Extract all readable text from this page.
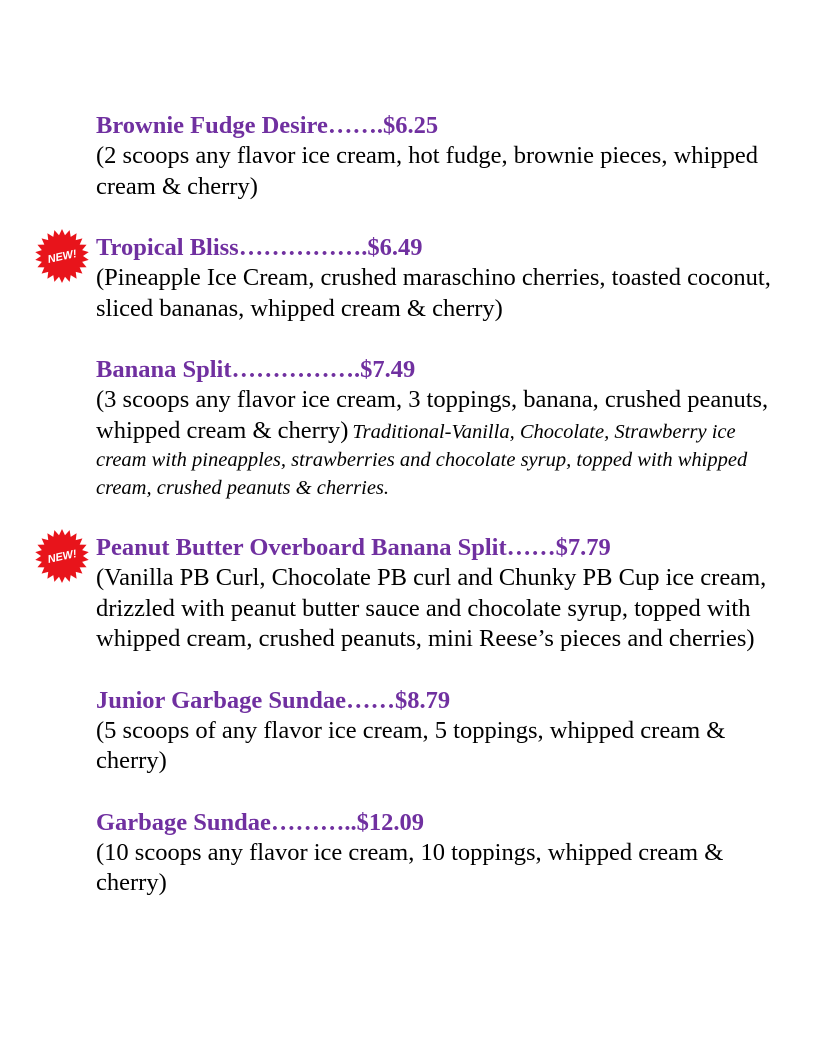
Brownie Fudge Desire…….$6.25
(2 scoops any flavor ice cream, hot fudge, brownie pieces, whipped cream & cherry)
NEW! Tropical Bliss…………….$6.49
(Pineapple Ice Cream, crushed maraschino cherries, toasted coconut, sliced bananas, whipped cream & cherry)
Banana Split…………….$7.49
(3 scoops any flavor ice cream, 3 toppings, banana, crushed peanuts, whipped cream & cherry) Traditional-Vanilla, Chocolate, Strawberry ice cream with pineapples, strawberries and chocolate syrup, topped with whipped cream, crushed peanuts & cherries.
NEW! Peanut Butter Overboard Banana Split……$7.79
(Vanilla PB Curl, Chocolate PB curl and Chunky PB Cup ice cream, drizzled with peanut butter sauce and chocolate syrup, topped with whipped cream, crushed peanuts, mini Reese’s pieces and cherries)
Junior Garbage Sundae……$8.79
(5 scoops of any flavor ice cream, 5 toppings, whipped cream & cherry)
Garbage Sundae………..$12.09
(10 scoops any flavor ice cream, 10 toppings, whipped cream & cherry)
